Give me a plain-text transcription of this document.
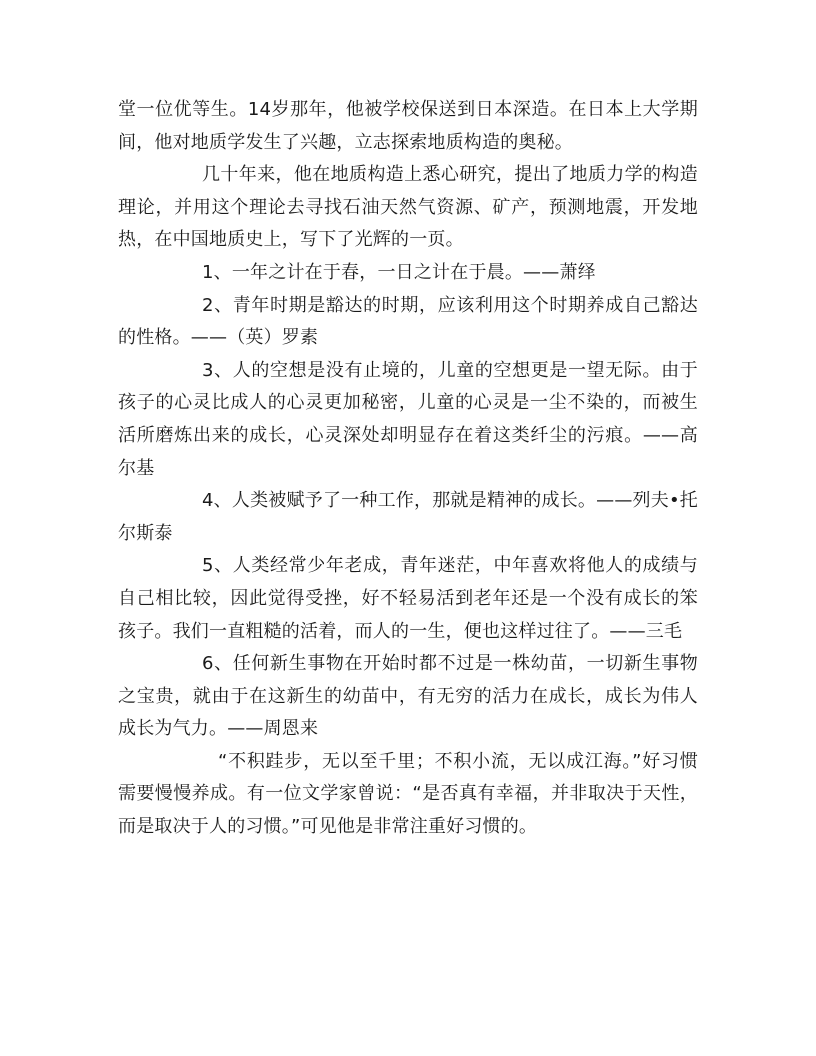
堂一位优等生。14岁那年，他被学校保送到日本深造。在日本上大学期间，他对地质学发生了兴趣，立志探索地质构造的奥秘。

几十年来，他在地质构造上悉心研究，提出了地质力学的构造理论，并用这个理论去寻找石油天然气资源、矿产，预测地震，开发地热，在中国地质史上，写下了光辉的一页。

1、一年之计在于春，一日之计在于晨。——萧绎

2、青年时期是豁达的时期，应该利用这个时期养成自己豁达的性格。——（英）罗素

3、人的空想是没有止境的，儿童的空想更是一望无际。由于孩子的心灵比成人的心灵更加秘密，儿童的心灵是一尘不染的，而被生活所磨炼出来的成长，心灵深处却明显存在着这类纤尘的污痕。——高尔基

4、人类被赋予了一种工作，那就是精神的成长。——列夫•托尔斯泰

5、人类经常少年老成，青年迷茫，中年喜欢将他人的成绩与自己相比较，因此觉得受挫，好不轻易活到老年还是一个没有成长的笨孩子。我们一直粗糙的活着，而人的一生，便也这样过往了。——三毛

6、任何新生事物在开始时都不过是一株幼苗，一切新生事物之宝贵，就由于在这新生的幼苗中，有无穷的活力在成长，成长为伟人成长为气力。——周恩来

“不积跬步，无以至千里；不积小流，无以成江海。”好习惯需要慢慢养成。有一位文学家曾说：“是否真有幸福，并非取决于天性，而是取决于人的习惯。”可见他是非常注重好习惯的。
